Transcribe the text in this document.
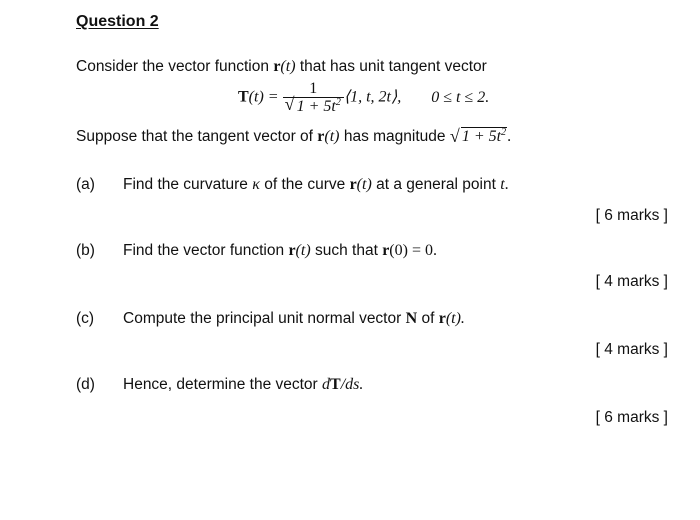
Question 2
Consider the vector function r(t) that has unit tangent vector
$T(t) = \frac{1}{√ 1 + 5t^2}$ ⟨1, t, 2t⟩, 0 ≤ t ≤ 2.
Suppose that the tangent vector of r(t) has magnitude √ $1 + 5t^2$.
(a) Find the curvature κ of the curve r(t) at a general point t.
[ 6 marks ]
(b) Find the vector function r(t) such that r(0) = 0.
[ 4 marks ]
(c) Compute the principal unit normal vector N of r(t).
[ 4 marks ]
(d) Hence, determine the vector dT/ds.
[ 6 marks ]
